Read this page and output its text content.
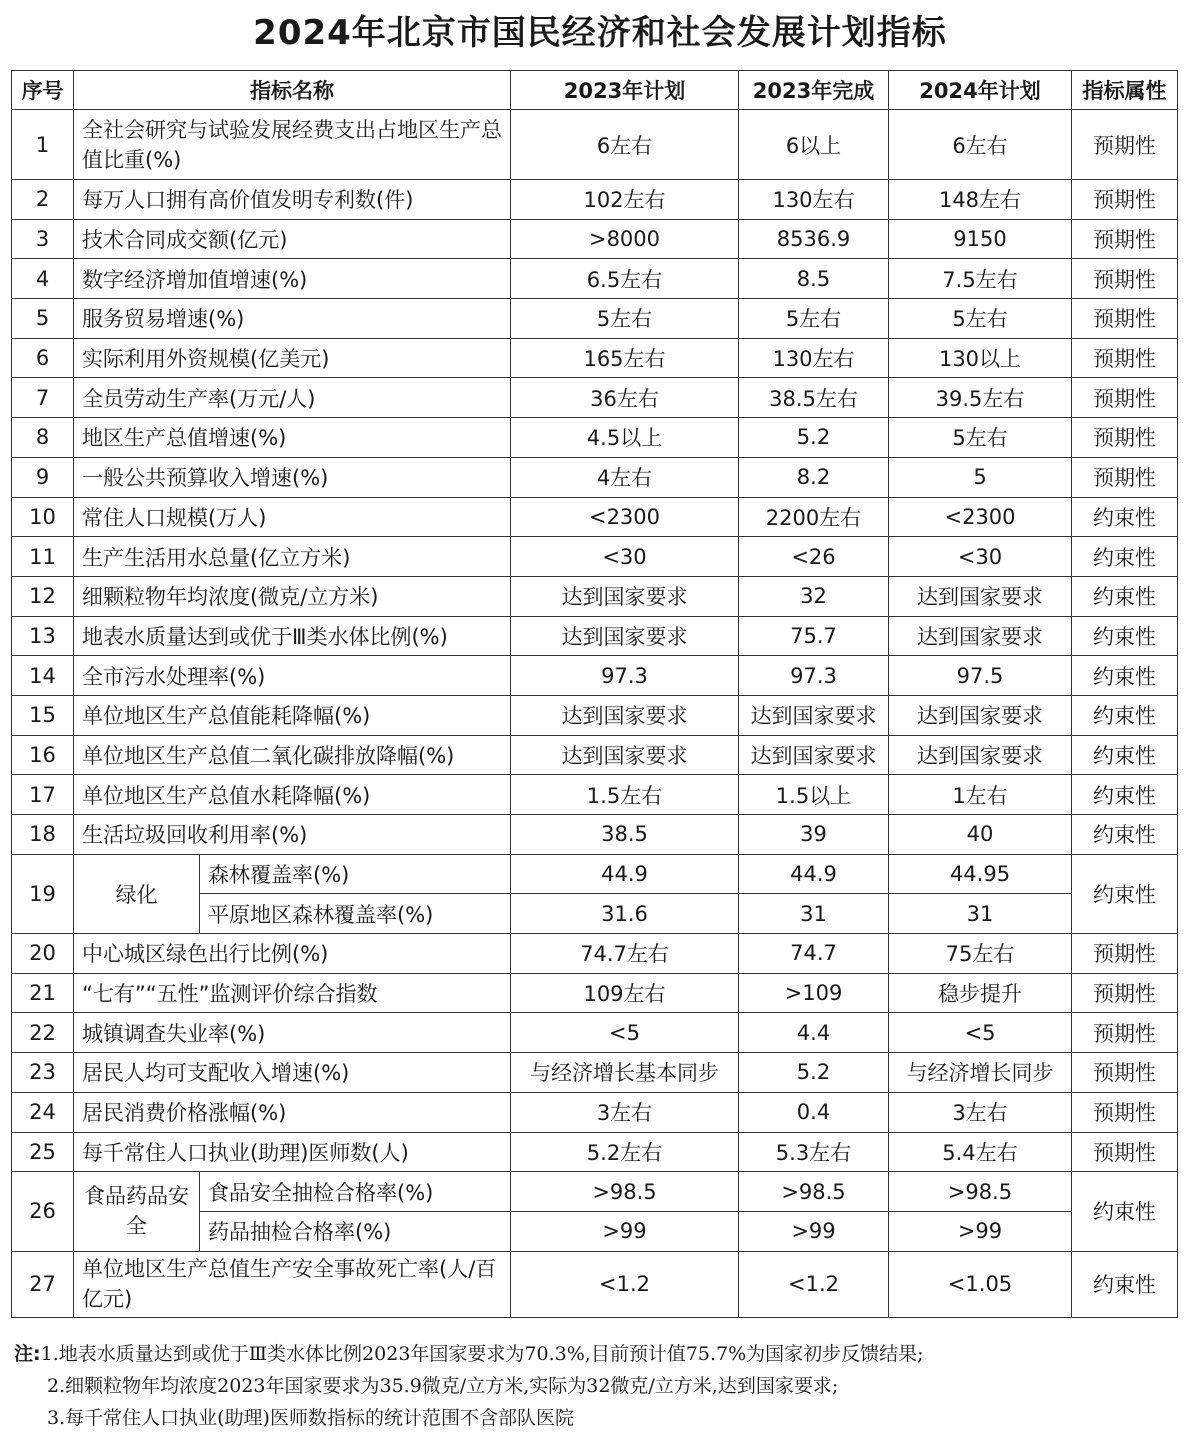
2024年北京市国民经济和社会发展计划指标
序号	指标名称		2023年计划	2023年完成	2024年计划	指标属性
1	全社会研究与试验发展经费支出占地区生产总值比重(%)		6左右	6以上	6左右	预期性
2	每万人口拥有高价值发明专利数(件)		102左右	130左右	148左右	预期性
3	技术合同成交额(亿元)		>8000	8536.9	9150	预期性
4	数字经济增加值增速(%)		6.5左右	8.5	7.5左右	预期性
5	服务贸易增速(%)		5左右	5左右	5左右	预期性
6	实际利用外资规模(亿美元)		165左右	130左右	130以上	预期性
7	全员劳动生产率(万元/人)		36左右	38.5左右	39.5左右	预期性
8	地区生产总值增速(%)		4.5以上	5.2	5左右	预期性
9	一般公共预算收入增速(%)		4左右	8.2	5	预期性
10	常住人口规模(万人)		<2300	2200左右	<2300	约束性
11	生产生活用水总量(亿立方米)		<30	<26	<30	约束性
12	细颗粒物年均浓度(微克/立方米)		达到国家要求	32	达到国家要求	约束性
13	地表水质量达到或优于Ⅲ类水体比例(%)		达到国家要求	75.7	达到国家要求	约束性
14	全市污水处理率(%)		97.3	97.3	97.5	约束性
15	单位地区生产总值能耗降幅(%)		达到国家要求	达到国家要求	达到国家要求	约束性
16	单位地区生产总值二氧化碳排放降幅(%)		达到国家要求	达到国家要求	达到国家要求	约束性
17	单位地区生产总值水耗降幅(%)		1.5左右	1.5以上	1左右	约束性
18	生活垃圾回收利用率(%)		38.5	39	40	约束性
19	绿化	森林覆盖率(%)	44.9	44.9	44.95	约束性
		平原地区森林覆盖率(%)	31.6	31	31	
20	中心城区绿色出行比例(%)		74.7左右	74.7	75左右	预期性
21	“七有”“五性”监测评价综合指数		109左右	>109	稳步提升	预期性
22	城镇调查失业率(%)		<5	4.4	<5	预期性
23	居民人均可支配收入增速(%)		与经济增长基本同步	5.2	与经济增长同步	预期性
24	居民消费价格涨幅(%)		3左右	0.4	3左右	预期性
25	每千常住人口执业(助理)医师数(人)		5.2左右	5.3左右	5.4左右	预期性
26	食品药品安全	食品安全抽检合格率(%)	>98.5	>98.5	>98.5	约束性
		药品抽检合格率(%)	>99	>99	>99	
27	单位地区生产总值生产安全事故死亡率(人/百亿元)		<1.2	<1.2	<1.05	约束性
注:1.地表水质量达到或优于Ⅲ类水体比例2023年国家要求为70.3%,目前预计值75.7%为国家初步反馈结果;
2.细颗粒物年均浓度2023年国家要求为35.9微克/立方米,实际为32微克/立方米,达到国家要求;
3.每千常住人口执业(助理)医师数指标的统计范围不含部队医院
